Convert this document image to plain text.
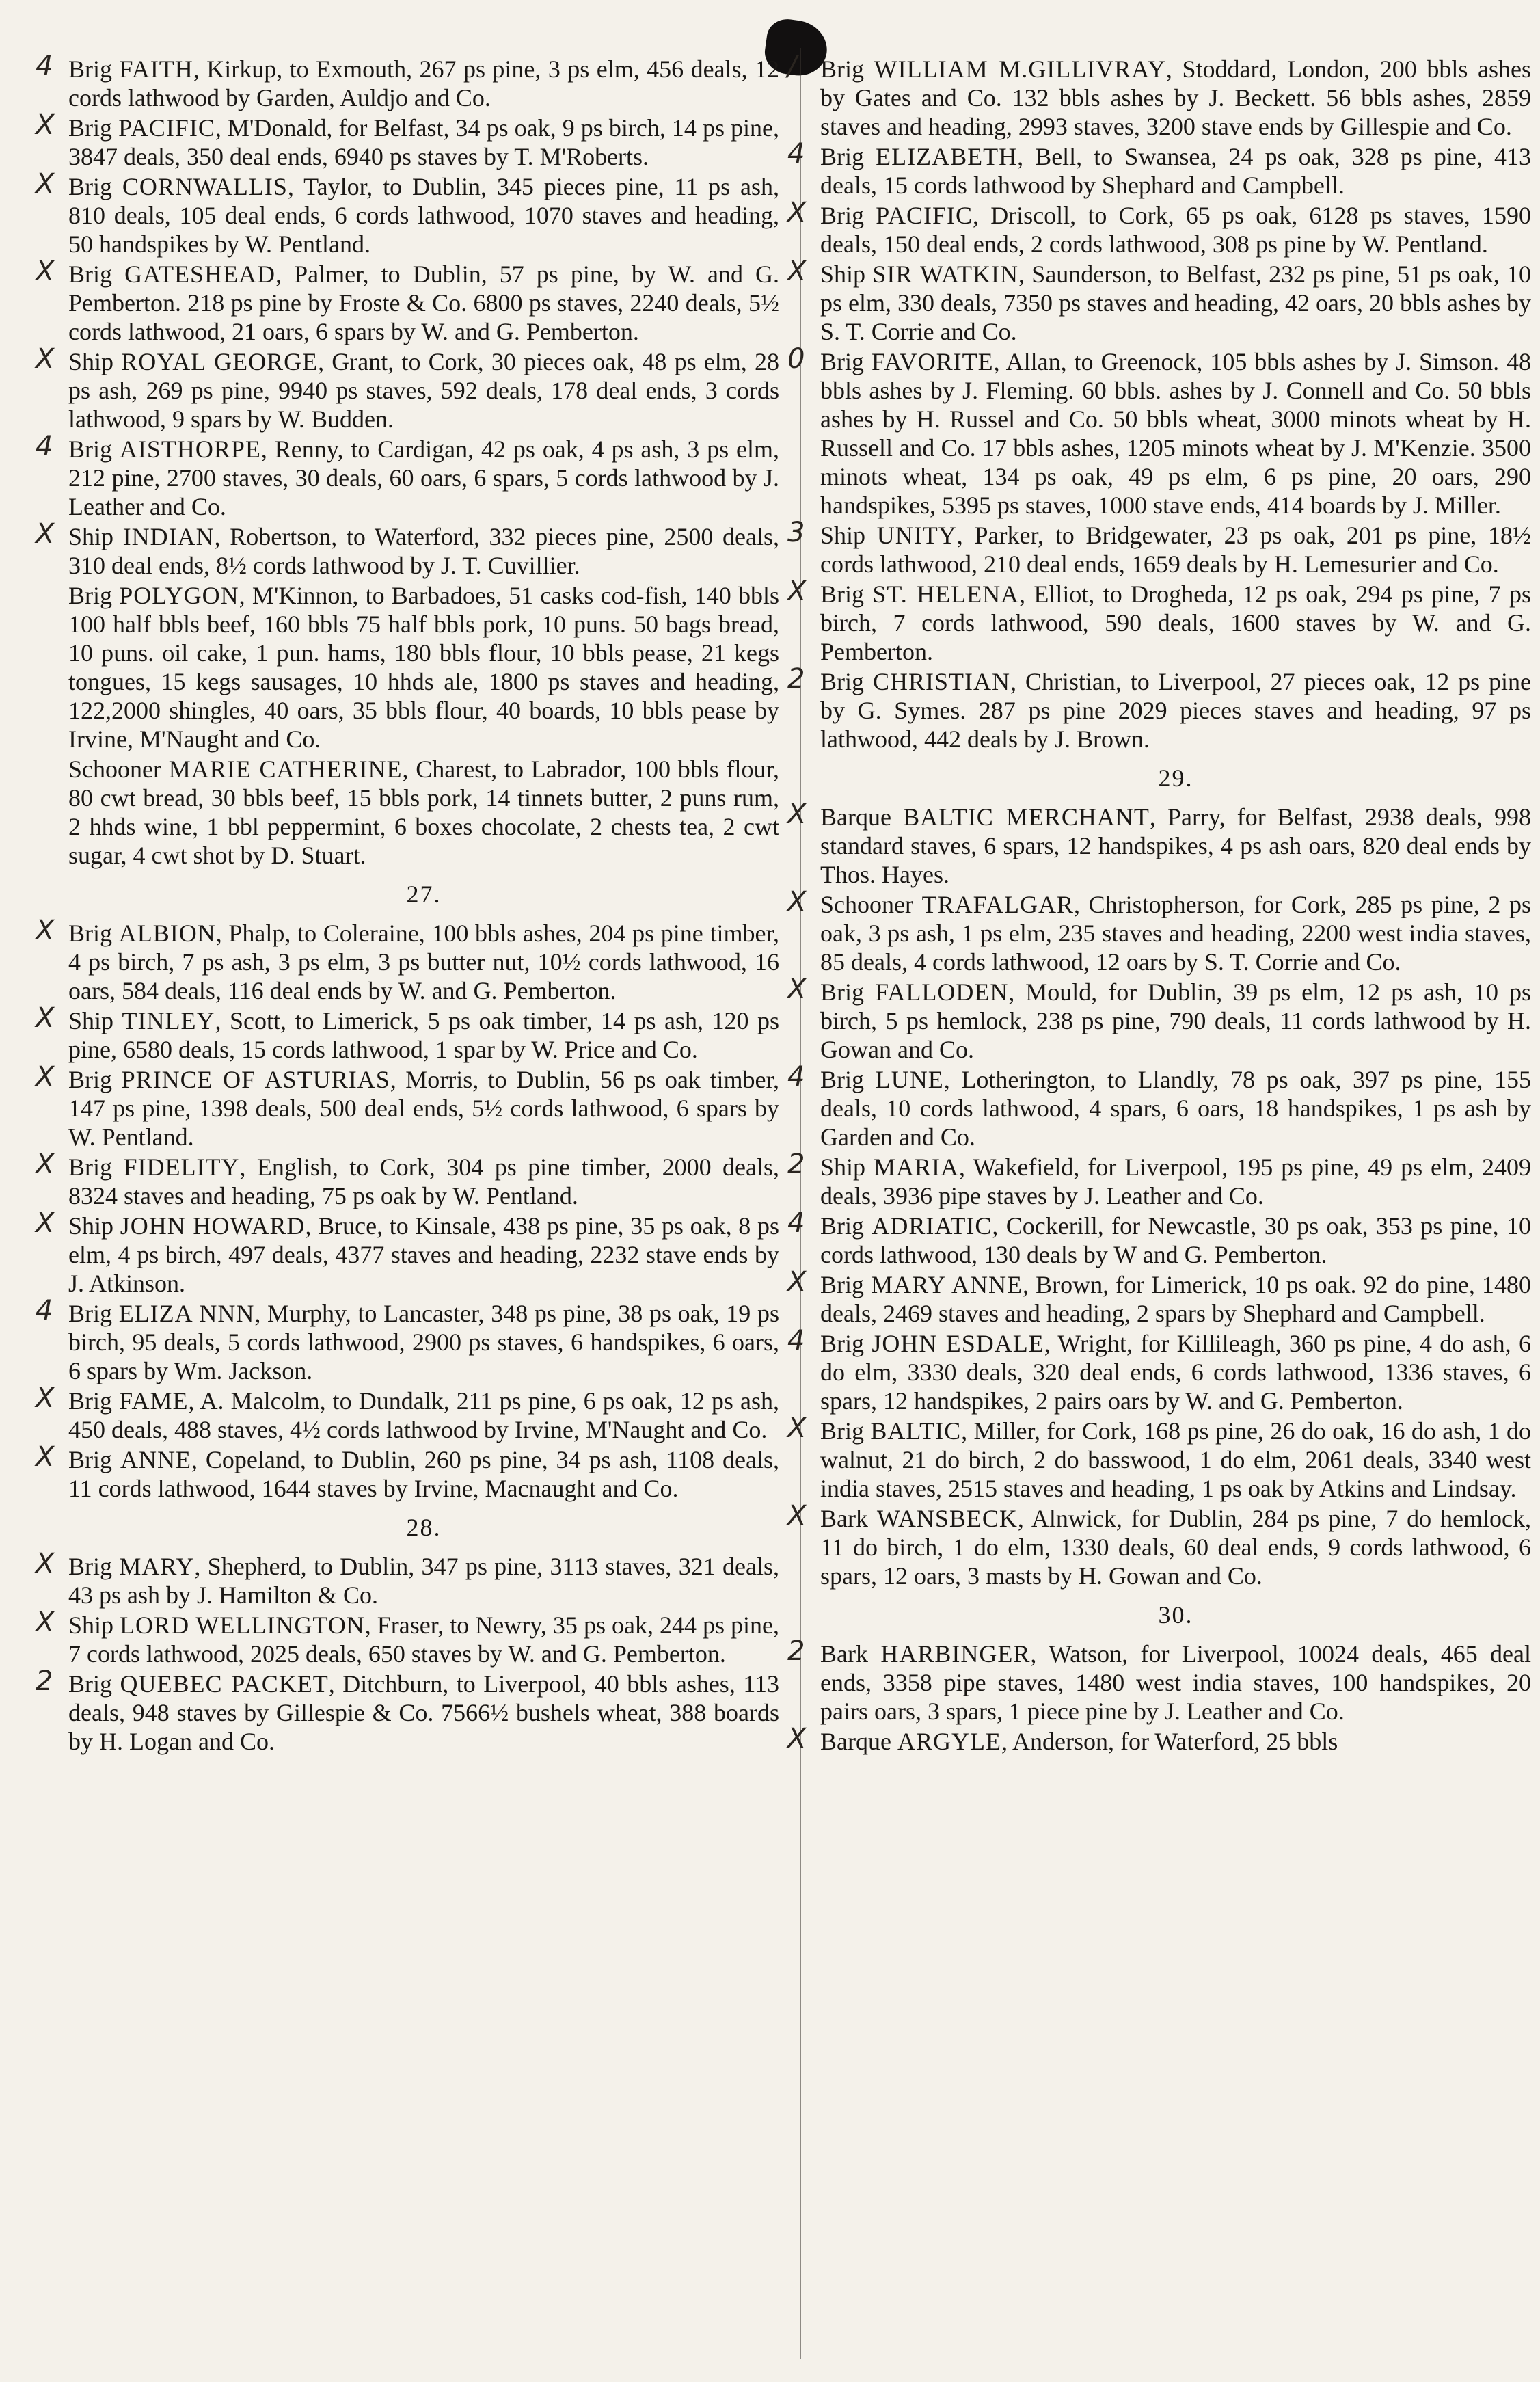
4 Brig FAITH, Kirkup, to Exmouth, 267 ps pine, 3 ps elm, 456 deals, 12 cords lathwood by Garden, Auldjo and Co.

X Brig PACIFIC, M'Donald, for Belfast, 34 ps oak, 9 ps birch, 14 ps pine, 3847 deals, 350 deal ends, 6940 ps staves by T. M'Roberts.

X Brig CORNWALLIS, Taylor, to Dublin, 345 pieces pine, 11 ps ash, 810 deals, 105 deal ends, 6 cords lathwood, 1070 staves and heading, 50 handspikes by W. Pentland.

X Brig GATESHEAD, Palmer, to Dublin, 57 ps pine, by W. and G. Pemberton. 218 ps pine by Froste & Co. 6800 ps staves, 2240 deals, 5½ cords lathwood, 21 oars, 6 spars by W. and G. Pemberton.

X Ship ROYAL GEORGE, Grant, to Cork, 30 pieces oak, 48 ps elm, 28 ps ash, 269 ps pine, 9940 ps staves, 592 deals, 178 deal ends, 3 cords lathwood, 9 spars by W. Budden.

4 Brig AISTHORPE, Renny, to Cardigan, 42 ps oak, 4 ps ash, 3 ps elm, 212 pine, 2700 staves, 30 deals, 60 oars, 6 spars, 5 cords lathwood by J. Leather and Co.

X Ship INDIAN, Robertson, to Waterford, 332 pieces pine, 2500 deals, 310 deal ends, 8½ cords lathwood by J. T. Cuvillier.

Brig POLYGON, M'Kinnon, to Barbadoes, 51 casks cod-fish, 140 bbls 100 half bbls beef, 160 bbls 75 half bbls pork, 10 puns. 50 bags bread, 10 puns. oil cake, 1 pun. hams, 180 bbls flour, 10 bbls pease, 21 kegs tongues, 15 kegs sausages, 10 hhds ale, 1800 ps staves and heading, 122,2000 shingles, 40 oars, 35 bbls flour, 40 boards, 10 bbls pease by Irvine, M'Naught and Co.

Schooner MARIE CATHERINE, Charest, to Labrador, 100 bbls flour, 80 cwt bread, 30 bbls beef, 15 bbls pork, 14 tinnets butter, 2 puns rum, 2 hhds wine, 1 bbl peppermint, 6 boxes chocolate, 2 chests tea, 2 cwt sugar, 4 cwt shot by D. Stuart.

27.

X Brig ALBION, Phalp, to Coleraine, 100 bbls ashes, 204 ps pine timber, 4 ps birch, 7 ps ash, 3 ps elm, 3 ps butter nut, 10½ cords lathwood, 16 oars, 584 deals, 116 deal ends by W. and G. Pemberton.

X Ship TINLEY, Scott, to Limerick, 5 ps oak timber, 14 ps ash, 120 ps pine, 6580 deals, 15 cords lathwood, 1 spar by W. Price and Co.

X Brig PRINCE OF ASTURIAS, Morris, to Dublin, 56 ps oak timber, 147 ps pine, 1398 deals, 500 deal ends, 5½ cords lathwood, 6 spars by W. Pentland.

X Brig FIDELITY, English, to Cork, 304 ps pine timber, 2000 deals, 8324 staves and heading, 75 ps oak by W. Pentland.

X Ship JOHN HOWARD, Bruce, to Kinsale, 438 ps pine, 35 ps oak, 8 ps elm, 4 ps birch, 497 deals, 4377 staves and heading, 2232 stave ends by J. Atkinson.

4 Brig ELIZA NNN, Murphy, to Lancaster, 348 ps pine, 38 ps oak, 19 ps birch, 95 deals, 5 cords lathwood, 2900 ps staves, 6 handspikes, 6 oars, 6 spars by Wm. Jackson.

X Brig FAME, A. Malcolm, to Dundalk, 211 ps pine, 6 ps oak, 12 ps ash, 450 deals, 488 staves, 4½ cords lathwood by Irvine, M'Naught and Co.

X Brig ANNE, Copeland, to Dublin, 260 ps pine, 34 ps ash, 1108 deals, 11 cords lathwood, 1644 staves by Irvine, Macnaught and Co.

28.

X Brig MARY, Shepherd, to Dublin, 347 ps pine, 3113 staves, 321 deals, 43 ps ash by J. Hamilton & Co.

X Ship LORD WELLINGTON, Fraser, to Newry, 35 ps oak, 244 ps pine, 7 cords lathwood, 2025 deals, 650 staves by W. and G. Pemberton.

2 Brig QUEBEC PACKET, Ditchburn, to Liverpool, 40 bbls ashes, 113 deals, 948 staves by Gillespie & Co. 7566½ bushels wheat, 388 boards by H. Logan and Co.

/ Brig WILLIAM M.GILLIVRAY, Stoddard, London, 200 bbls ashes by Gates and Co. 132 bbls ashes by J. Beckett. 56 bbls ashes, 2859 staves and heading, 2993 staves, 3200 stave ends by Gillespie and Co.

4 Brig ELIZABETH, Bell, to Swansea, 24 ps oak, 328 ps pine, 413 deals, 15 cords lathwood by Shephard and Campbell.

X Brig PACIFIC, Driscoll, to Cork, 65 ps oak, 6128 ps staves, 1590 deals, 150 deal ends, 2 cords lathwood, 308 ps pine by W. Pentland.

X Ship SIR WATKIN, Saunderson, to Belfast, 232 ps pine, 51 ps oak, 10 ps elm, 330 deals, 7350 ps staves and heading, 42 oars, 20 bbls ashes by S. T. Corrie and Co.

0 Brig FAVORITE, Allan, to Greenock, 105 bbls ashes by J. Simson. 48 bbls ashes by J. Fleming. 60 bbls. ashes by J. Connell and Co. 50 bbls ashes by H. Russel and Co. 50 bbls wheat, 3000 minots wheat by H. Russell and Co. 17 bbls ashes, 1205 minots wheat by J. M'Kenzie. 3500 minots wheat, 134 ps oak, 49 ps elm, 6 ps pine, 20 oars, 290 handspikes, 5395 ps staves, 1000 stave ends, 414 boards by J. Miller.

3 Ship UNITY, Parker, to Bridgewater, 23 ps oak, 201 ps pine, 18½ cords lathwood, 210 deal ends, 1659 deals by H. Lemesurier and Co.

X Brig ST. HELENA, Elliot, to Drogheda, 12 ps oak, 294 ps pine, 7 ps birch, 7 cords lathwood, 590 deals, 1600 staves by W. and G. Pemberton.

2 Brig CHRISTIAN, Christian, to Liverpool, 27 pieces oak, 12 ps pine by G. Symes. 287 ps pine 2029 pieces staves and heading, 97 ps lathwood, 442 deals by J. Brown.

29.

X Barque BALTIC MERCHANT, Parry, for Belfast, 2938 deals, 998 standard staves, 6 spars, 12 handspikes, 4 ps ash oars, 820 deal ends by Thos. Hayes.

X Schooner TRAFALGAR, Christopherson, for Cork, 285 ps pine, 2 ps oak, 3 ps ash, 1 ps elm, 235 staves and heading, 2200 west india staves, 85 deals, 4 cords lathwood, 12 oars by S. T. Corrie and Co.

X Brig FALLODEN, Mould, for Dublin, 39 ps elm, 12 ps ash, 10 ps birch, 5 ps hemlock, 238 ps pine, 790 deals, 11 cords lathwood by H. Gowan and Co.

4 Brig LUNE, Lotherington, to Llandly, 78 ps oak, 397 ps pine, 155 deals, 10 cords lathwood, 4 spars, 6 oars, 18 handspikes, 1 ps ash by Garden and Co.

2 Ship MARIA, Wakefield, for Liverpool, 195 ps pine, 49 ps elm, 2409 deals, 3936 pipe staves by J. Leather and Co.

4 Brig ADRIATIC, Cockerill, for Newcastle, 30 ps oak, 353 ps pine, 10 cords lathwood, 130 deals by W and G. Pemberton.

X Brig MARY ANNE, Brown, for Limerick, 10 ps oak. 92 do pine, 1480 deals, 2469 staves and heading, 2 spars by Shephard and Campbell.

4 Brig JOHN ESDALE, Wright, for Killileagh, 360 ps pine, 4 do ash, 6 do elm, 3330 deals, 320 deal ends, 6 cords lathwood, 1336 staves, 6 spars, 12 handspikes, 2 pairs oars by W. and G. Pemberton.

X Brig BALTIC, Miller, for Cork, 168 ps pine, 26 do oak, 16 do ash, 1 do walnut, 21 do birch, 2 do basswood, 1 do elm, 2061 deals, 3340 west india staves, 2515 staves and heading, 1 ps oak by Atkins and Lindsay.

X Bark WANSBECK, Alnwick, for Dublin, 284 ps pine, 7 do hemlock, 11 do birch, 1 do elm, 1330 deals, 60 deal ends, 9 cords lathwood, 6 spars, 12 oars, 3 masts by H. Gowan and Co.

30.

2 Bark HARBINGER, Watson, for Liverpool, 10024 deals, 465 deal ends, 3358 pipe staves, 1480 west india staves, 100 handspikes, 20 pairs oars, 3 spars, 1 piece pine by J. Leather and Co.

X Barque ARGYLE, Anderson, for Waterford, 25 bbls
